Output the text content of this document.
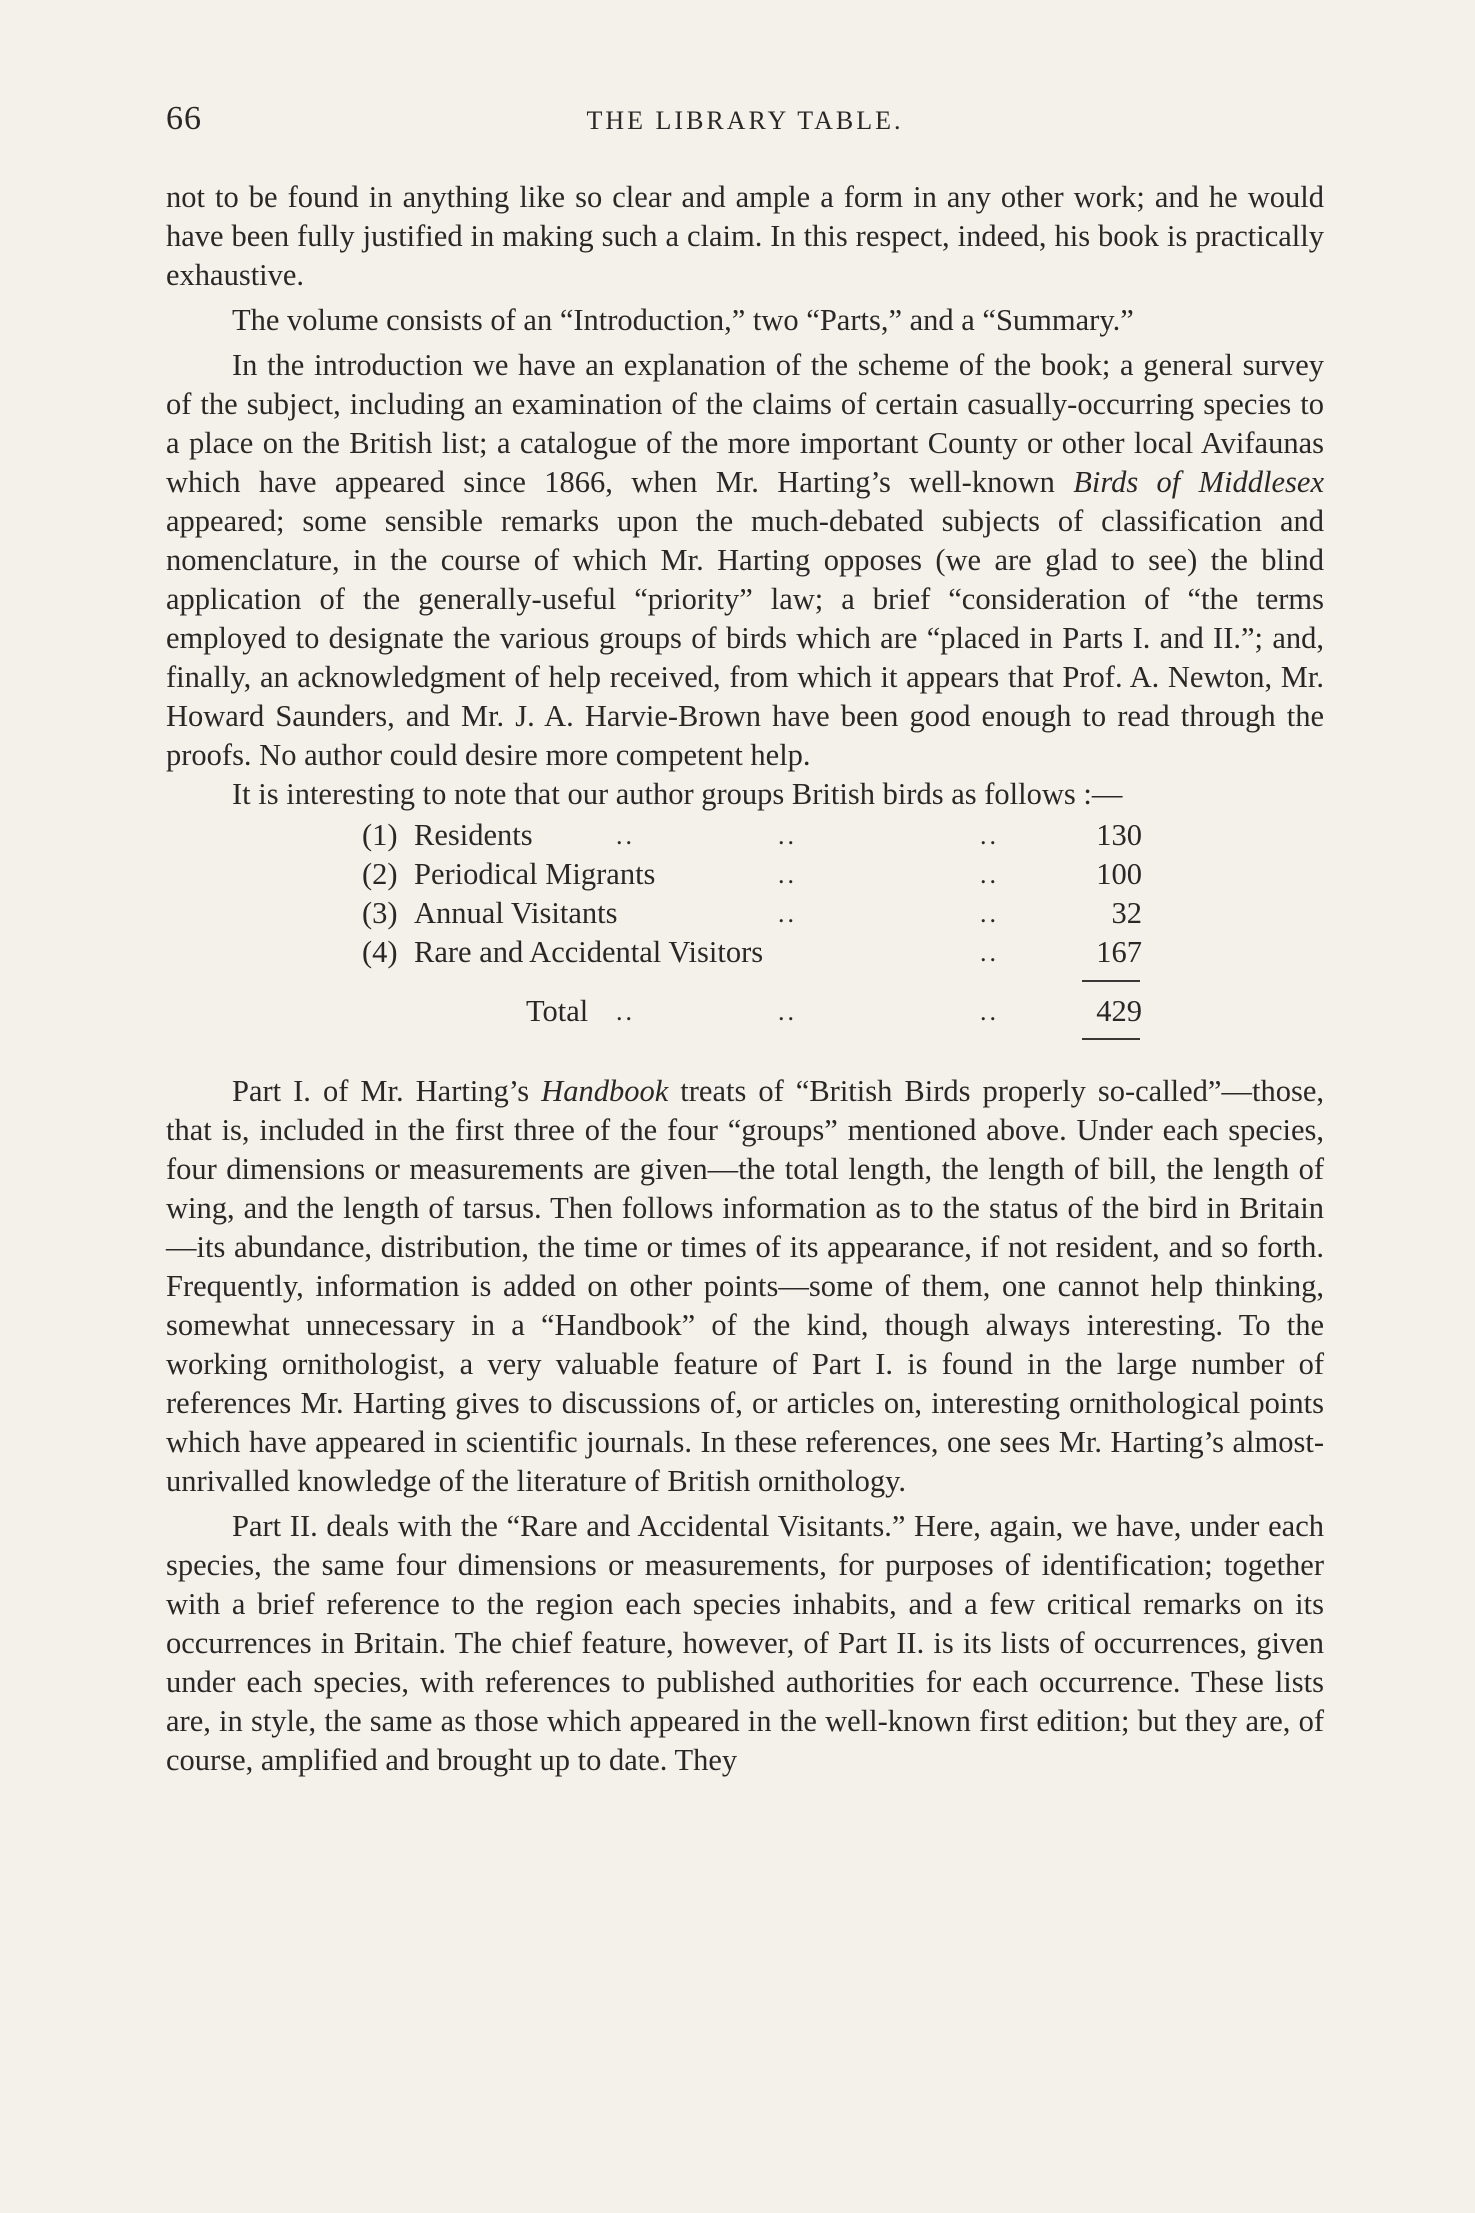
66	THE LIBRARY TABLE.

not to be found in anything like so clear and ample a form in any other work; and he would have been fully justified in making such a claim. In this respect, indeed, his book is practically exhaustive.

The volume consists of an “Introduction,” two “Parts,” and a “Summary.”

In the introduction we have an explanation of the scheme of the book; a general survey of the subject, including an examination of the claims of certain casually-occurring species to a place on the British list; a catalogue of the more important County or other local Avifaunas which have appeared since 1866, when Mr. Harting’s well-known Birds of Middlesex appeared; some sensible remarks upon the much-debated subjects of classification and nomenclature, in the course of which Mr. Harting opposes (we are glad to see) the blind application of the generally-useful “priority” law; a brief “consideration of “the terms employed to designate the various groups of birds which are “placed in Parts I. and II.”; and, finally, an acknowledgment of help received, from which it appears that Prof. A. Newton, Mr. Howard Saunders, and Mr. J. A. Harvie-Brown have been good enough to read through the proofs. No author could desire more competent help.

It is interesting to note that our author groups British birds as follows :—

(1) Residents	..	..	..	130
(2) Periodical Migrants	..	..	100
(3) Annual Visitants	..	..	32
(4) Rare and Accidental Visitors	..	167
Total ..	..	..	429

Part I. of Mr. Harting’s Handbook treats of “British Birds properly so-called”—those, that is, included in the first three of the four “groups” mentioned above. Under each species, four dimensions or measurements are given—the total length, the length of bill, the length of wing, and the length of tarsus. Then follows information as to the status of the bird in Britain—its abundance, distribution, the time or times of its appearance, if not resident, and so forth. Frequently, information is added on other points—some of them, one cannot help thinking, somewhat unnecessary in a “Handbook” of the kind, though always interesting. To the working ornithologist, a very valuable feature of Part I. is found in the large number of references Mr. Harting gives to discussions of, or articles on, interesting ornithological points which have appeared in scientific journals. In these references, one sees Mr. Harting’s almost-unrivalled knowledge of the literature of British ornithology.

Part II. deals with the “Rare and Accidental Visitants.” Here, again, we have, under each species, the same four dimensions or measurements, for purposes of identification; together with a brief reference to the region each species inhabits, and a few critical remarks on its occurrences in Britain. The chief feature, however, of Part II. is its lists of occurrences, given under each species, with references to published authorities for each occurrence. These lists are, in style, the same as those which appeared in the well-known first edition; but they are, of course, amplified and brought up to date. They
